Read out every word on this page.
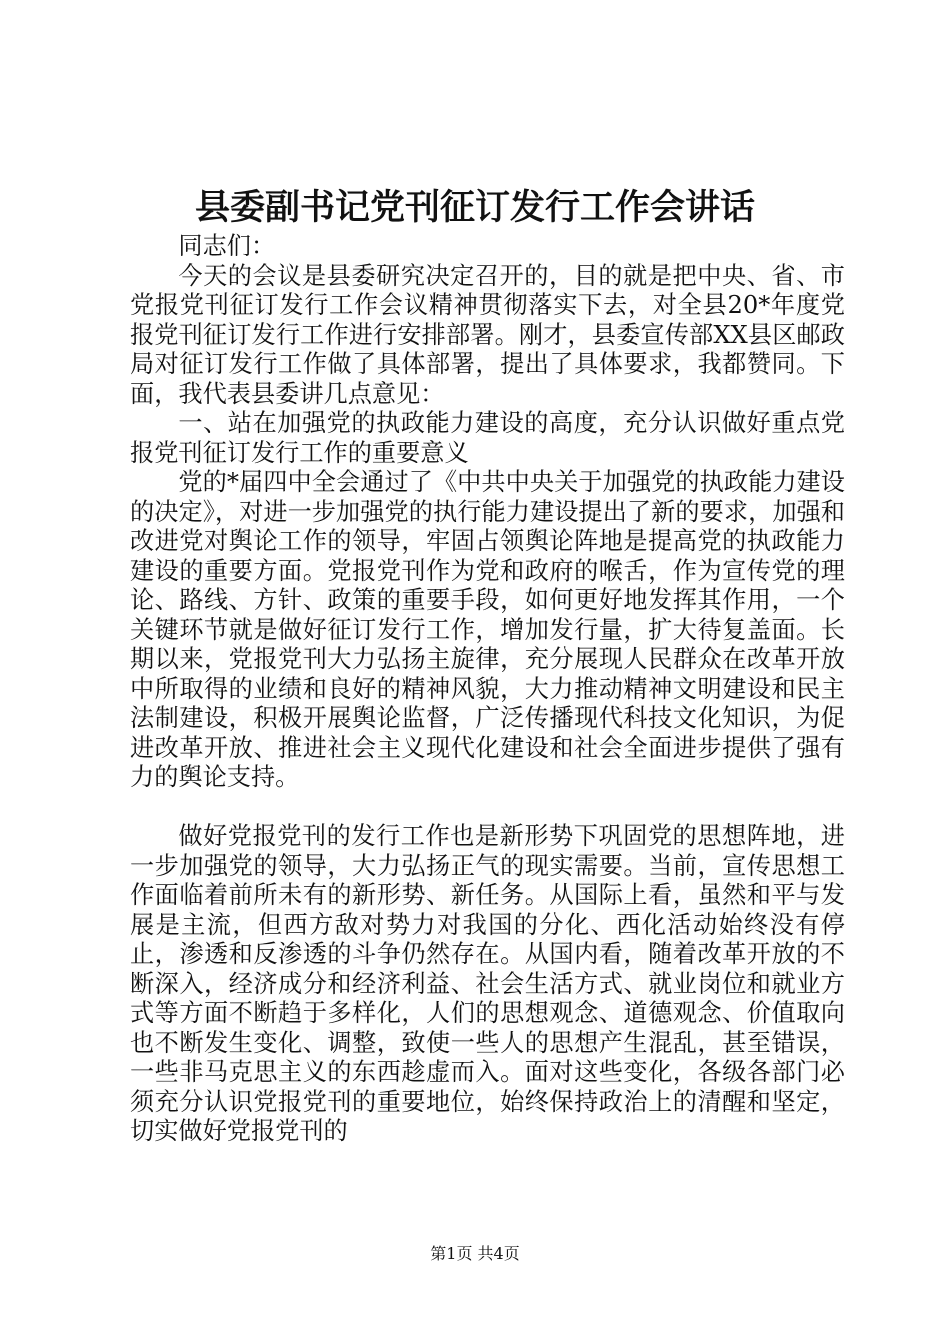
县委副书记党刊征订发行工作会讲话

同志们：

今天的会议是县委研究决定召开的，目的就是把中央、省、市党报党刊征订发行工作会议精神贯彻落实下去，对全县20*年度党报党刊征订发行工作进行安排部署。刚才，县委宣传部XX县区邮政局对征订发行工作做了具体部署，提出了具体要求，我都赞同。下面，我代表县委讲几点意见：

一、站在加强党的执政能力建设的高度，充分认识做好重点党报党刊征订发行工作的重要意义

党的*届四中全会通过了《中共中央关于加强党的执政能力建设的决定》，对进一步加强党的执行能力建设提出了新的要求，加强和改进党对舆论工作的领导，牢固占领舆论阵地是提高党的执政能力建设的重要方面。党报党刊作为党和政府的喉舌，作为宣传党的理论、路线、方针、政策的重要手段，如何更好地发挥其作用，一个关键环节就是做好征订发行工作，增加发行量，扩大待复盖面。长期以来，党报党刊大力弘扬主旋律，充分展现人民群众在改革开放中所取得的业绩和良好的精神风貌，大力推动精神文明建设和民主法制建设，积极开展舆论监督，广泛传播现代科技文化知识，为促进改革开放、推进社会主义现代化建设和社会全面进步提供了强有力的舆论支持。

做好党报党刊的发行工作也是新形势下巩固党的思想阵地，进一步加强党的领导，大力弘扬正气的现实需要。当前，宣传思想工作面临着前所未有的新形势、新任务。从国际上看，虽然和平与发展是主流，但西方敌对势力对我国的分化、西化活动始终没有停止，渗透和反渗透的斗争仍然存在。从国内看，随着改革开放的不断深入，经济成分和经济利益、社会生活方式、就业岗位和就业方式等方面不断趋于多样化，人们的思想观念、道德观念、价值取向也不断发生变化、调整，致使一些人的思想产生混乱，甚至错误，一些非马克思主义的东西趁虚而入。面对这些变化，各级各部门必须充分认识党报党刊的重要地位，始终保持政治上的清醒和坚定，切实做好党报党刊的

第1页 共4页
